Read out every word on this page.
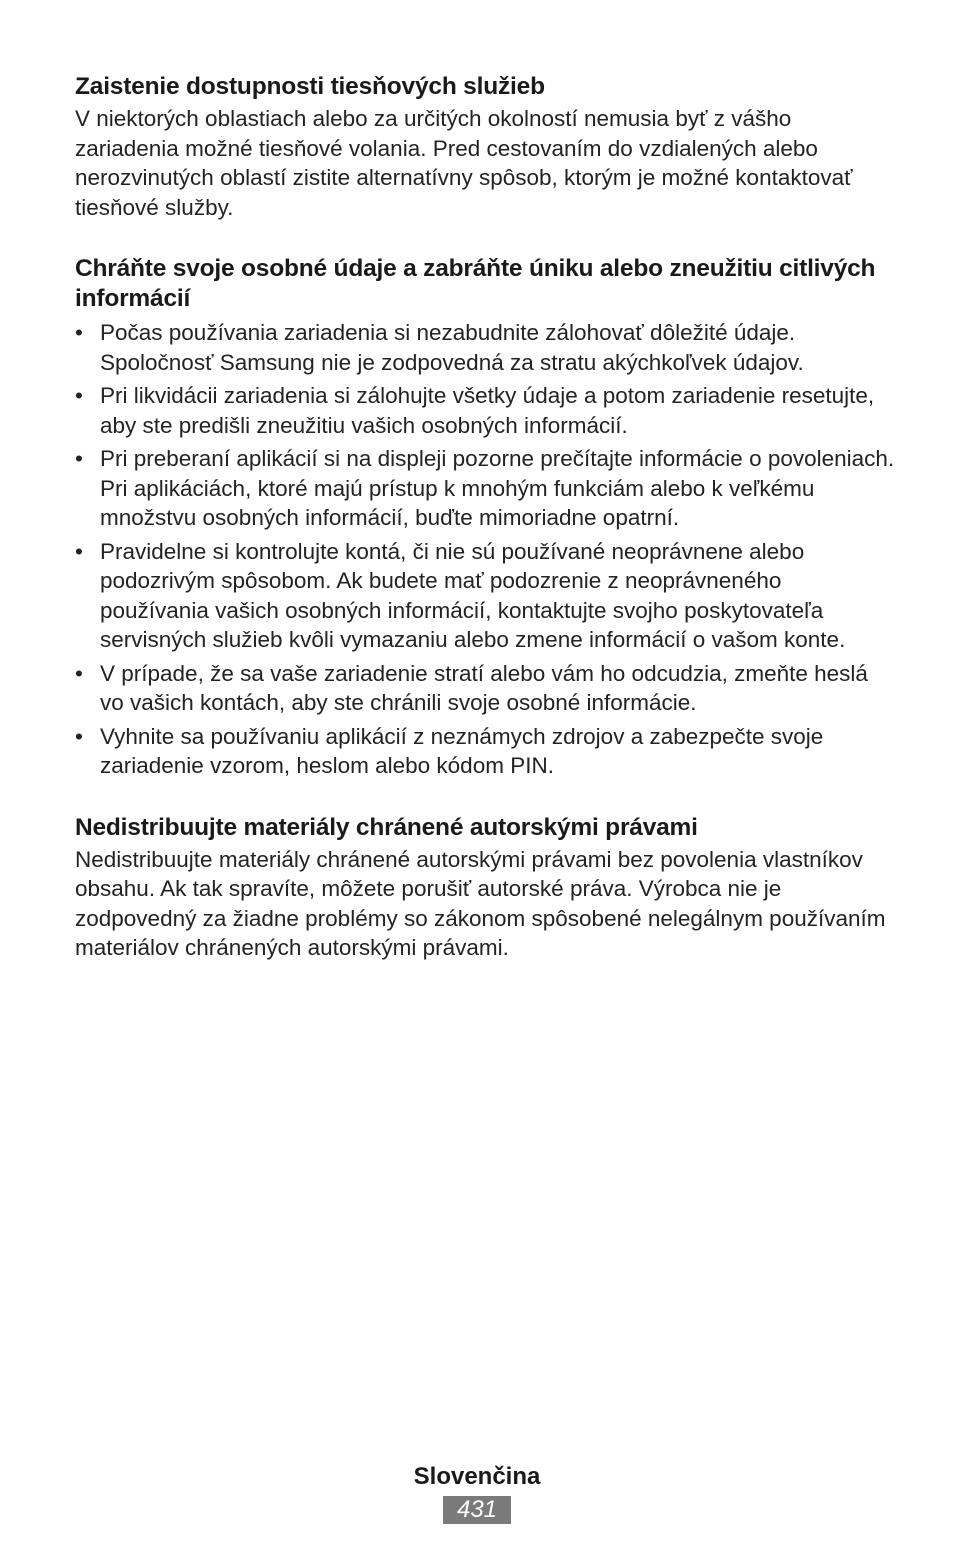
Zaistenie dostupnosti tiesňových služieb

V niektorých oblastiach alebo za určitých okolností nemusia byť z vášho zariadenia možné tiesňové volania. Pred cestovaním do vzdialených alebo nerozvinutých oblastí zistite alternatívny spôsob, ktorým je možné kontaktovať tiesňové služby.

Chráňte svoje osobné údaje a zabráňte úniku alebo zneužitiu citlivých informácií
• Počas používania zariadenia si nezabudnite zálohovať dôležité údaje. Spoločnosť Samsung nie je zodpovedná za stratu akýchkoľvek údajov.
• Pri likvidácii zariadenia si zálohujte všetky údaje a potom zariadenie resetujte, aby ste predišli zneužitiu vašich osobných informácií.
• Pri preberaní aplikácií si na displeji pozorne prečítajte informácie o povoleniach. Pri aplikáciách, ktoré majú prístup k mnohým funkciám alebo k veľkému množstvu osobných informácií, buďte mimoriadne opatrní.
• Pravidelne si kontrolujte kontá, či nie sú používané neoprávnene alebo podozrivým spôsobom. Ak budete mať podozrenie z neoprávneného používania vašich osobných informácií, kontaktujte svojho poskytovateľa servisných služieb kvôli vymazaniu alebo zmene informácií o vašom konte.
• V prípade, že sa vaše zariadenie stratí alebo vám ho odcudzia, zmeňte heslá vo vašich kontách, aby ste chránili svoje osobné informácie.
• Vyhnite sa používaniu aplikácií z neznámych zdrojov a zabezpečte svoje zariadenie vzorom, heslom alebo kódom PIN.
Nedistribuujte materiály chránené autorskými právami

Nedistribuujte materiály chránené autorskými právami bez povolenia vlastníkov obsahu. Ak tak spravíte, môžete porušiť autorské práva. Výrobca nie je zodpovedný za žiadne problémy so zákonom spôsobené nelegálnym používaním materiálov chránených autorskými právami.

Slovenčina
431
